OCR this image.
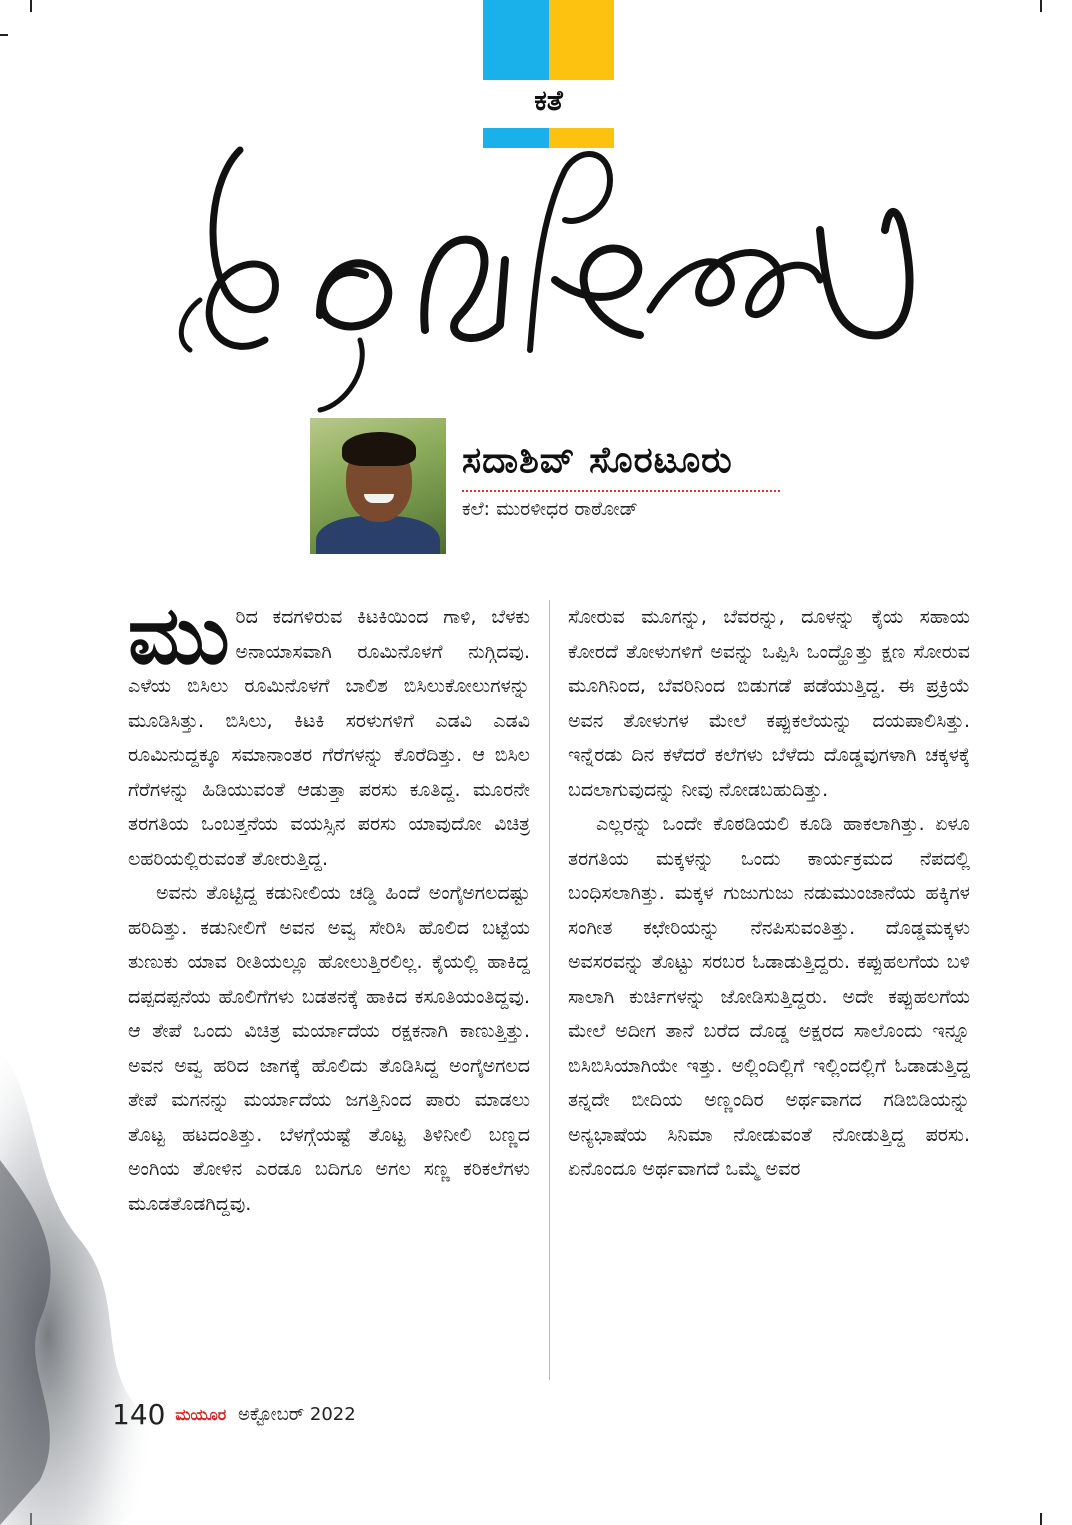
ಕತೆ
ಸದಾಶಿವ್ ಸೊರಟೂರು
ಕಲೆ: ಮುರಳೀಧರ ರಾಠೋಡ್

ಮುರಿದ ಕದಗಳಿರುವ ಕಿಟಕಿಯಿಂದ ಗಾಳಿ, ಬೆಳಕು ಅನಾಯಾಸವಾಗಿ ರೂಮಿನೊಳಗೆ ನುಗ್ಗಿದವು. ಎಳೆಯ ಬಿಸಿಲು ರೂಮಿನೊಳಗೆ ಬಾಲಿಶ ಬಿಸಿಲುಕೋಲುಗಳನ್ನು ಮೂಡಿಸಿತ್ತು. ಬಿಸಿಲು, ಕಿಟಕಿ ಸರಳುಗಳಿಗೆ ಎಡವಿ ಎಡವಿ ರೂಮಿನುದ್ದಕ್ಕೂ ಸಮಾನಾಂತರ ಗೆರೆಗಳನ್ನು ಕೊರೆದಿತ್ತು. ಆ ಬಿಸಿಲ ಗೆರೆಗಳನ್ನು ಹಿಡಿಯುವಂತೆ ಆಡುತ್ತಾ ಪರಸು ಕೂತಿದ್ದ. ಮೂರನೇ ತರಗತಿಯ ಒಂಬತ್ತನೆಯ ವಯಸ್ಸಿನ ಪರಸು ಯಾವುದೋ ವಿಚಿತ್ರ ಲಹರಿಯಲ್ಲಿರುವಂತೆ ತೋರುತ್ತಿದ್ದ.

ಅವನು ತೊಟ್ಟಿದ್ದ ಕಡುನೀಲಿಯ ಚಡ್ಡಿ ಹಿಂದೆ ಅಂಗೈಅಗಲದಷ್ಟು ಹರಿದಿತ್ತು. ಕಡುನೀಲಿಗೆ ಅವನ ಅವ್ವ ಸೇರಿಸಿ ಹೊಲಿದ ಬಟ್ಟೆಯ ತುಣುಕು ಯಾವ ರೀತಿಯಲ್ಲೂ ಹೋಲುತ್ತಿರಲಿಲ್ಲ. ಕೈಯಲ್ಲಿ ಹಾಕಿದ್ದ ದಪ್ಪದಪ್ಪನೆಯ ಹೊಲಿಗೆಗಳು ಬಡತನಕ್ಕೆ ಹಾಕಿದ ಕಸೂತಿಯಂತಿದ್ದವು. ಆ ತೇಪೆ ಒಂದು ವಿಚಿತ್ರ ಮರ್ಯಾದೆಯ ರಕ್ಷಕನಾಗಿ ಕಾಣುತ್ತಿತ್ತು. ಅವನ ಅವ್ವ ಹರಿದ ಜಾಗಕ್ಕೆ ಹೊಲಿದು ತೊಡಿಸಿದ್ದ ಅಂಗೈಅಗಲದ ತೇಪೆ ಮಗನನ್ನು ಮರ್ಯಾದೆಯ ಜಗತ್ತಿನಿಂದ ಪಾರು ಮಾಡಲು ತೊಟ್ಟ ಹಟದಂತಿತ್ತು. ಬೆಳಗ್ಗೆಯಷ್ಟೆ ತೊಟ್ಟ ತಿಳಿನೀಲಿ ಬಣ್ಣದ ಅಂಗಿಯ ತೋಳಿನ ಎರಡೂ ಬದಿಗೂ ಅಗಲ ಸಣ್ಣ ಕರಿಕಲೆಗಳು ಮೂಡತೊಡಗಿದ್ದವು.

ಸೋರುವ ಮೂಗನ್ನು, ಬೆವರನ್ನು, ದೂಳನ್ನು ಕೈಯ ಸಹಾಯ ಕೋರದೆ ತೋಳುಗಳಿಗೆ ಅವನ್ನು ಒಪ್ಪಿಸಿ ಒಂದ್ಹೊತ್ತು ಕ್ಷಣ ಸೋರುವ ಮೂಗಿನಿಂದ, ಬೆವರಿನಿಂದ ಬಿಡುಗಡೆ ಪಡೆಯುತ್ತಿದ್ದ. ಈ ಪ್ರಕ್ರಿಯೆ ಅವನ ತೋಳುಗಳ ಮೇಲೆ ಕಪ್ಪುಕಲೆಯನ್ನು ದಯಪಾಲಿಸಿತ್ತು. ಇನ್ನೆರಡು ದಿನ ಕಳೆದರೆ ಕಲೆಗಳು ಬೆಳೆದು ದೊಡ್ಡವುಗಳಾಗಿ ಚಕ್ಕಳಕ್ಕೆ ಬದಲಾಗುವುದನ್ನು ನೀವು ನೋಡಬಹುದಿತ್ತು.

ಎಲ್ಲರನ್ನು ಒಂದೇ ಕೊಠಡಿಯಲಿ ಕೂಡಿ ಹಾಕಲಾಗಿತ್ತು. ಏಳೂ ತರಗತಿಯ ಮಕ್ಕಳನ್ನು ಒಂದು ಕಾರ್ಯಕ್ರಮದ ನೆಪದಲ್ಲಿ ಬಂಧಿಸಲಾಗಿತ್ತು. ಮಕ್ಕಳ ಗುಜುಗುಜು ನಡುಮುಂಜಾನೆಯ ಹಕ್ಕಿಗಳ ಸಂಗೀತ ಕಛೇರಿಯನ್ನು ನೆನಪಿಸುವಂತಿತ್ತು. ದೊಡ್ಡಮಕ್ಕಳು ಅವಸರವನ್ನು ತೊಟ್ಟು ಸರಬರ ಓಡಾಡುತ್ತಿದ್ದರು. ಕಪ್ಪುಹಲಗೆಯ ಬಳಿ ಸಾಲಾಗಿ ಕುರ್ಚಿಗಳನ್ನು ಜೋಡಿಸುತ್ತಿದ್ದರು. ಅದೇ ಕಪ್ಪುಹಲಗೆಯ ಮೇಲೆ ಅದೀಗ ತಾನೆ ಬರೆದ ದೊಡ್ಡ ಅಕ್ಷರದ ಸಾಲೊಂದು ಇನ್ನೂ ಬಿಸಿಬಿಸಿಯಾಗಿಯೇ ಇತ್ತು. ಅಲ್ಲಿಂದಿಲ್ಲಿಗೆ ಇಲ್ಲಿಂದಲ್ಲಿಗೆ ಓಡಾಡುತ್ತಿದ್ದ ತನ್ನದೇ ಬೀದಿಯ ಅಣ್ಣಂದಿರ ಅರ್ಥವಾಗದ ಗಡಿಬಿಡಿಯನ್ನು ಅನ್ಯಭಾಷೆಯ ಸಿನಿಮಾ ನೋಡುವಂತೆ ನೋಡುತ್ತಿದ್ದ ಪರಸು. ಏನೊಂದೂ ಅರ್ಥವಾಗದೆ ಒಮ್ಮೆ ಅವರ

140 ಮಯೂರ ಅಕ್ಟೋಬರ್ 2022
